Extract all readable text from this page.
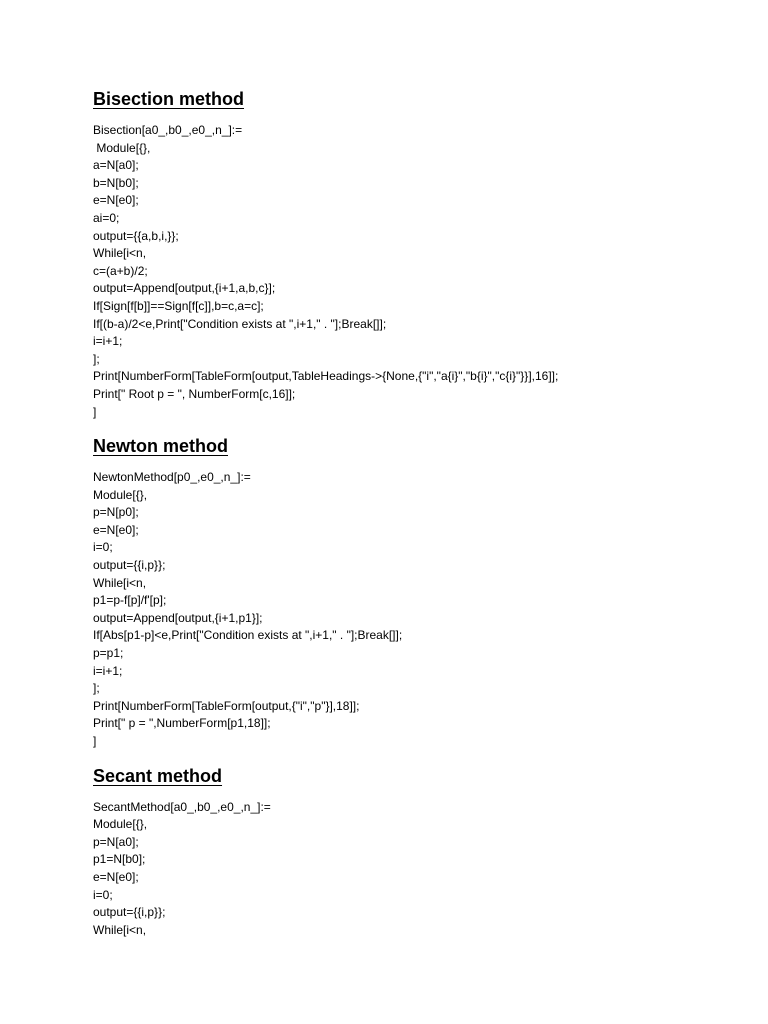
Bisection method
Bisection[a0_,b0_,e0_,n_]:=
Module[{},
a=N[a0];
b=N[b0];
e=N[e0];
ai=0;
output={{a,b,i,}};
While[i<n,
c=(a+b)/2;
output=Append[output,{i+1,a,b,c}];
If[Sign[f[b]]==Sign[f[c]],b=c,a=c];
If[(b-a)/2<e,Print["Condition exists at ",i+1," . "];Break[]];
i=i+1;
];
Print[NumberForm[TableForm[output,TableHeadings->{None,{"i","a{i}","b{i}","c{i}"}}],16]];
Print[" Root p = ", NumberForm[c,16]];
]
Newton method
NewtonMethod[p0_,e0_,n_]:=
Module[{},
p=N[p0];
e=N[e0];
i=0;
output={{i,p}};
While[i<n,
p1=p-f[p]/f'[p];
output=Append[output,{i+1,p1}];
If[Abs[p1-p]<e,Print["Condition exists at ",i+1," . "];Break[]];
p=p1;
i=i+1;
];
Print[NumberForm[TableForm[output,{"i","p"}],18]];
Print[" p = ",NumberForm[p1,18]];
]
Secant method
SecantMethod[a0_,b0_,e0_,n_]:=
Module[{},
p=N[a0];
p1=N[b0];
e=N[e0];
i=0;
output={{i,p}};
While[i<n,
